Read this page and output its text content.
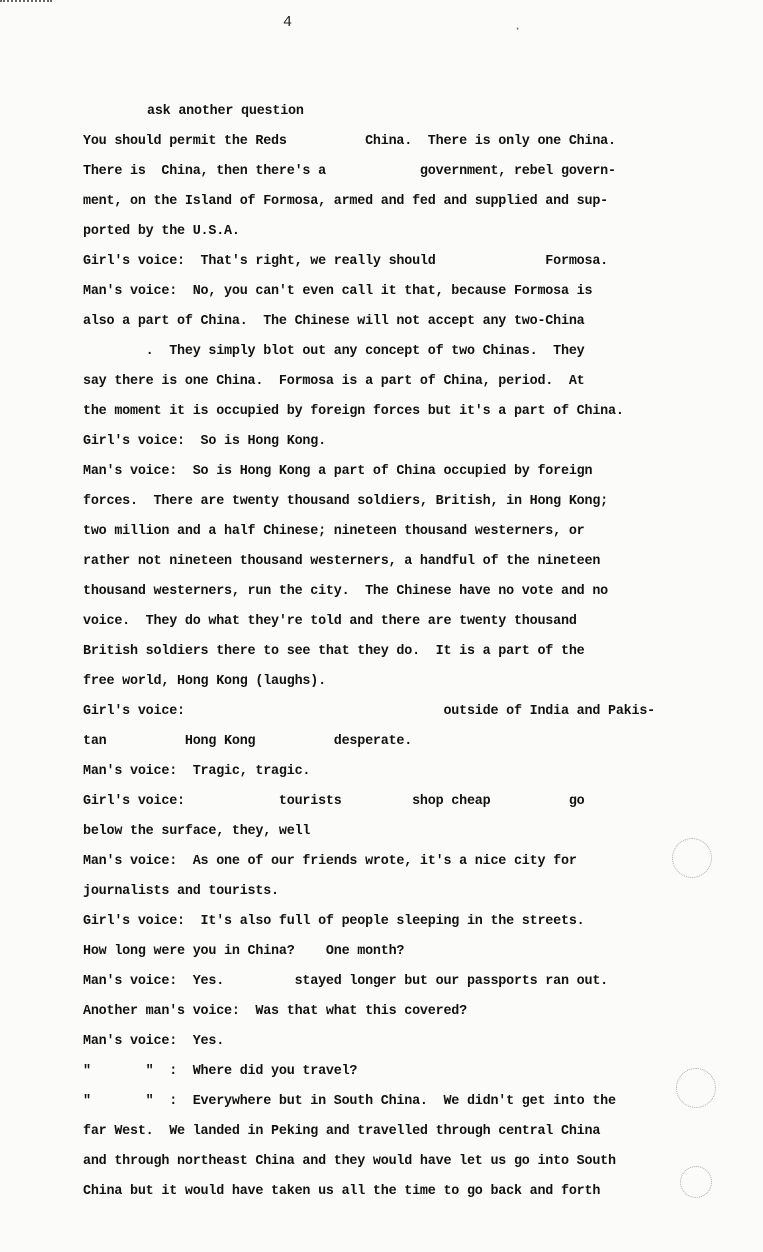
4	·
ask another question
You should permit the Reds          China.  There is only one China.
There is  China, then there's a            government, rebel govern-
ment, on the Island of Formosa, armed and fed and supplied and sup-
ported by the U.S.A.
Girl's voice:  That's right, we really should              Formosa.
Man's voice:  No, you can't even call it that, because Formosa is
also a part of China.  The Chinese will not accept any two-China
.  They simply blot out any concept of two Chinas.  They
say there is one China.  Formosa is a part of China, period.  At
the moment it is occupied by foreign forces but it's a part of China.
Girl's voice:  So is Hong Kong.
Man's voice:  So is Hong Kong a part of China occupied by foreign
forces.  There are twenty thousand soldiers, British, in Hong Kong;
two million and a half Chinese; nineteen thousand westerners, or
rather not nineteen thousand westerners, a handful of the nineteen
thousand westerners, run the city.  The Chinese have no vote and no
voice.  They do what they're told and there are twenty thousand
British soldiers there to see that they do.  It is a part of the
free world, Hong Kong (laughs).
Girl's voice:                                 outside of India and Pakis-
tan          Hong Kong          desperate.
Man's voice:  Tragic, tragic.
Girl's voice:            tourists         shop cheap          go
below the surface, they, well
Man's voice:  As one of our friends wrote, it's a nice city for
journalists and tourists.
Girl's voice:  It's also full of people sleeping in the streets.
How long were you in China?    One month?
Man's voice:  Yes.         stayed longer but our passports ran out.
Another man's voice:  Was that what this covered?
Man's voice:  Yes.
"       "  :  Where did you travel?
"       "  :  Everywhere but in South China.  We didn't get into the
far West.  We landed in Peking and travelled through central China
and through northeast China and they would have let us go into South
China but it would have taken us all the time to go back and forth
